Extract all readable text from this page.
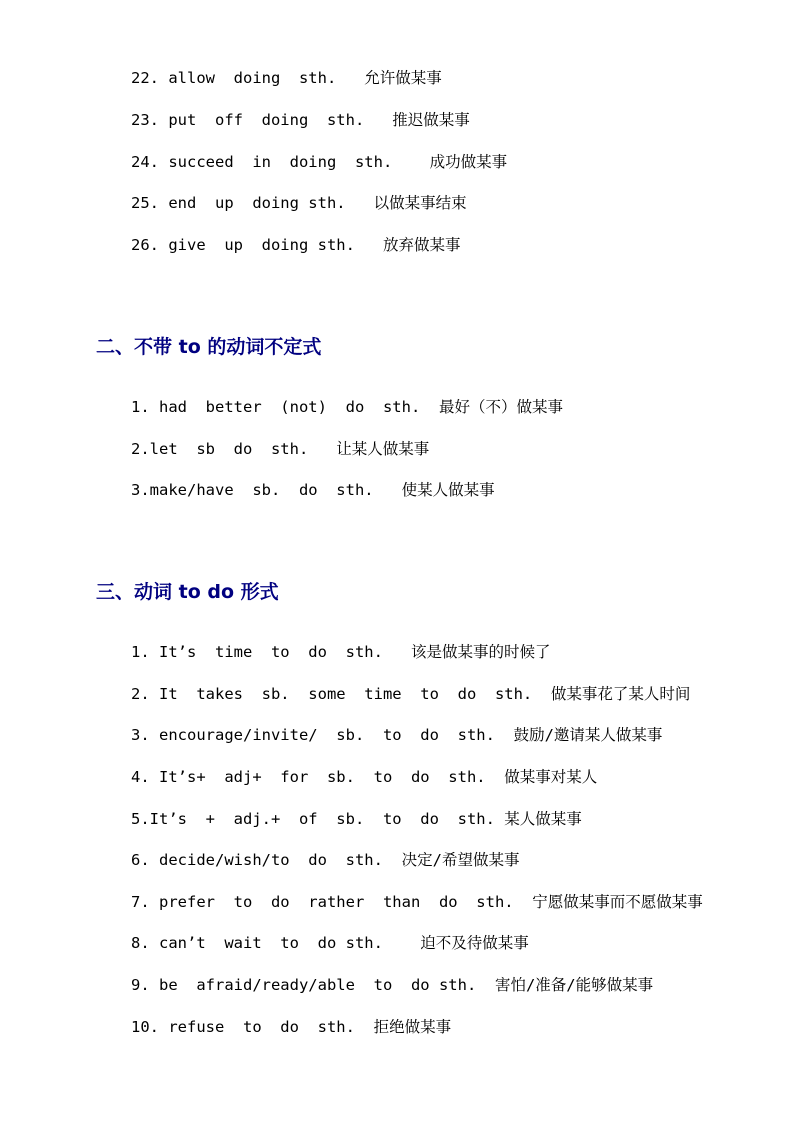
22. allow  doing  sth.   允许做某事
23. put  off  doing  sth.   推迟做某事
24. succeed  in  doing  sth.    成功做某事
25. end  up  doing sth.   以做某事结束
26. give  up  doing sth.   放弃做某事
二、不带 to 的动词不定式
1. had  better  (not)  do  sth.  最好（不）做某事
2.let  sb  do  sth.   让某人做某事
3.make/have  sb.  do  sth.   使某人做某事
三、动词 to do 形式
1. It’s  time  to  do  sth.   该是做某事的时候了
2. It  takes  sb.  some  time  to  do  sth.  做某事花了某人时间
3. encourage/invite/  sb.  to  do  sth.  鼓励/邀请某人做某事
4. It’s+  adj+  for  sb.  to  do  sth.  做某事对某人
5.It’s  +  adj.+  of  sb.  to  do  sth. 某人做某事
6. decide/wish/to  do  sth.  决定/希望做某事
7. prefer  to  do  rather  than  do  sth.  宁愿做某事而不愿做某事
8. can’t  wait  to  do sth.    迫不及待做某事
9. be  afraid/ready/able  to  do sth.  害怕/准备/能够做某事
10. refuse  to  do  sth.  拒绝做某事
